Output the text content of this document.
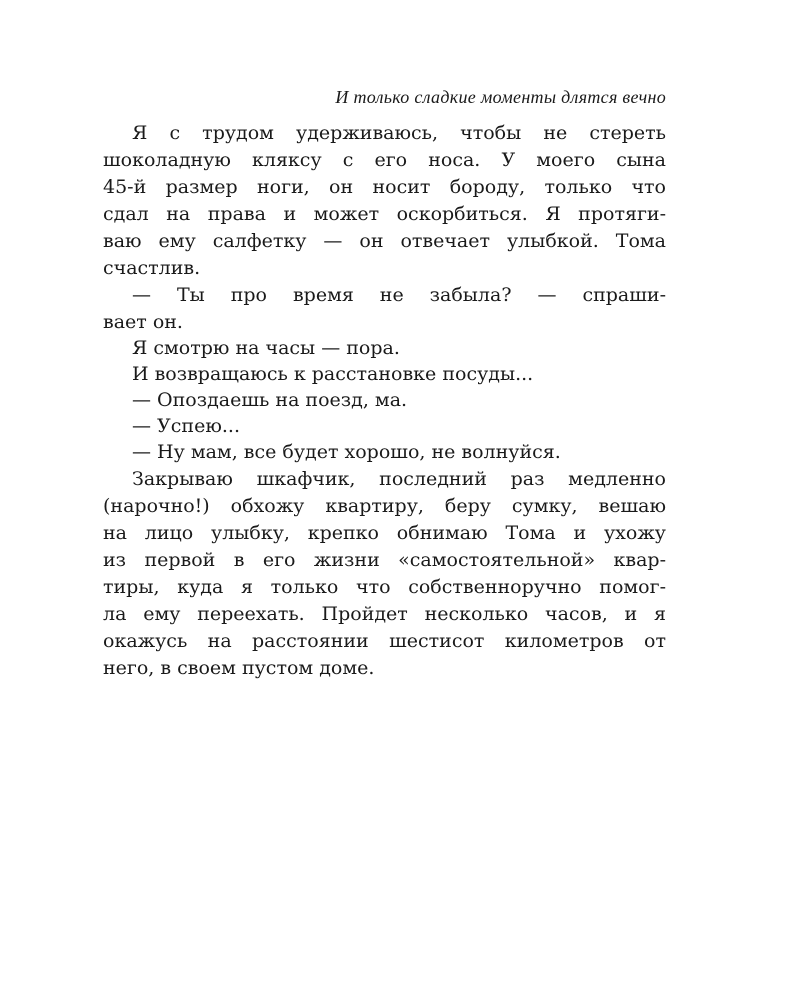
И только сладкие моменты длятся вечно
Я с трудом удерживаюсь, чтобы не стереть
шоколадную кляксу с его носа. У моего сына
45-й размер ноги, он носит бороду, только что
сдал на права и может оскорбиться. Я протяги-
ваю ему салфетку — он отвечает улыбкой. Тома
счастлив.
— Ты про время не забыла? — спраши-
вает он.
Я смотрю на часы — пора.
И возвращаюсь к расстановке посуды...
— Опоздаешь на поезд, ма.
— Успею...
— Ну мам, все будет хорошо, не волнуйся.
Закрываю шкафчик, последний раз медленно
(нарочно!) обхожу квартиру, беру сумку, вешаю
на лицо улыбку, крепко обнимаю Тома и ухожу
из первой в его жизни «самостоятельной» квар-
тиры, куда я только что собственноручно помог-
ла ему переехать. Пройдет несколько часов, и я
окажусь на расстоянии шестисот километров от
него, в своем пустом доме.
